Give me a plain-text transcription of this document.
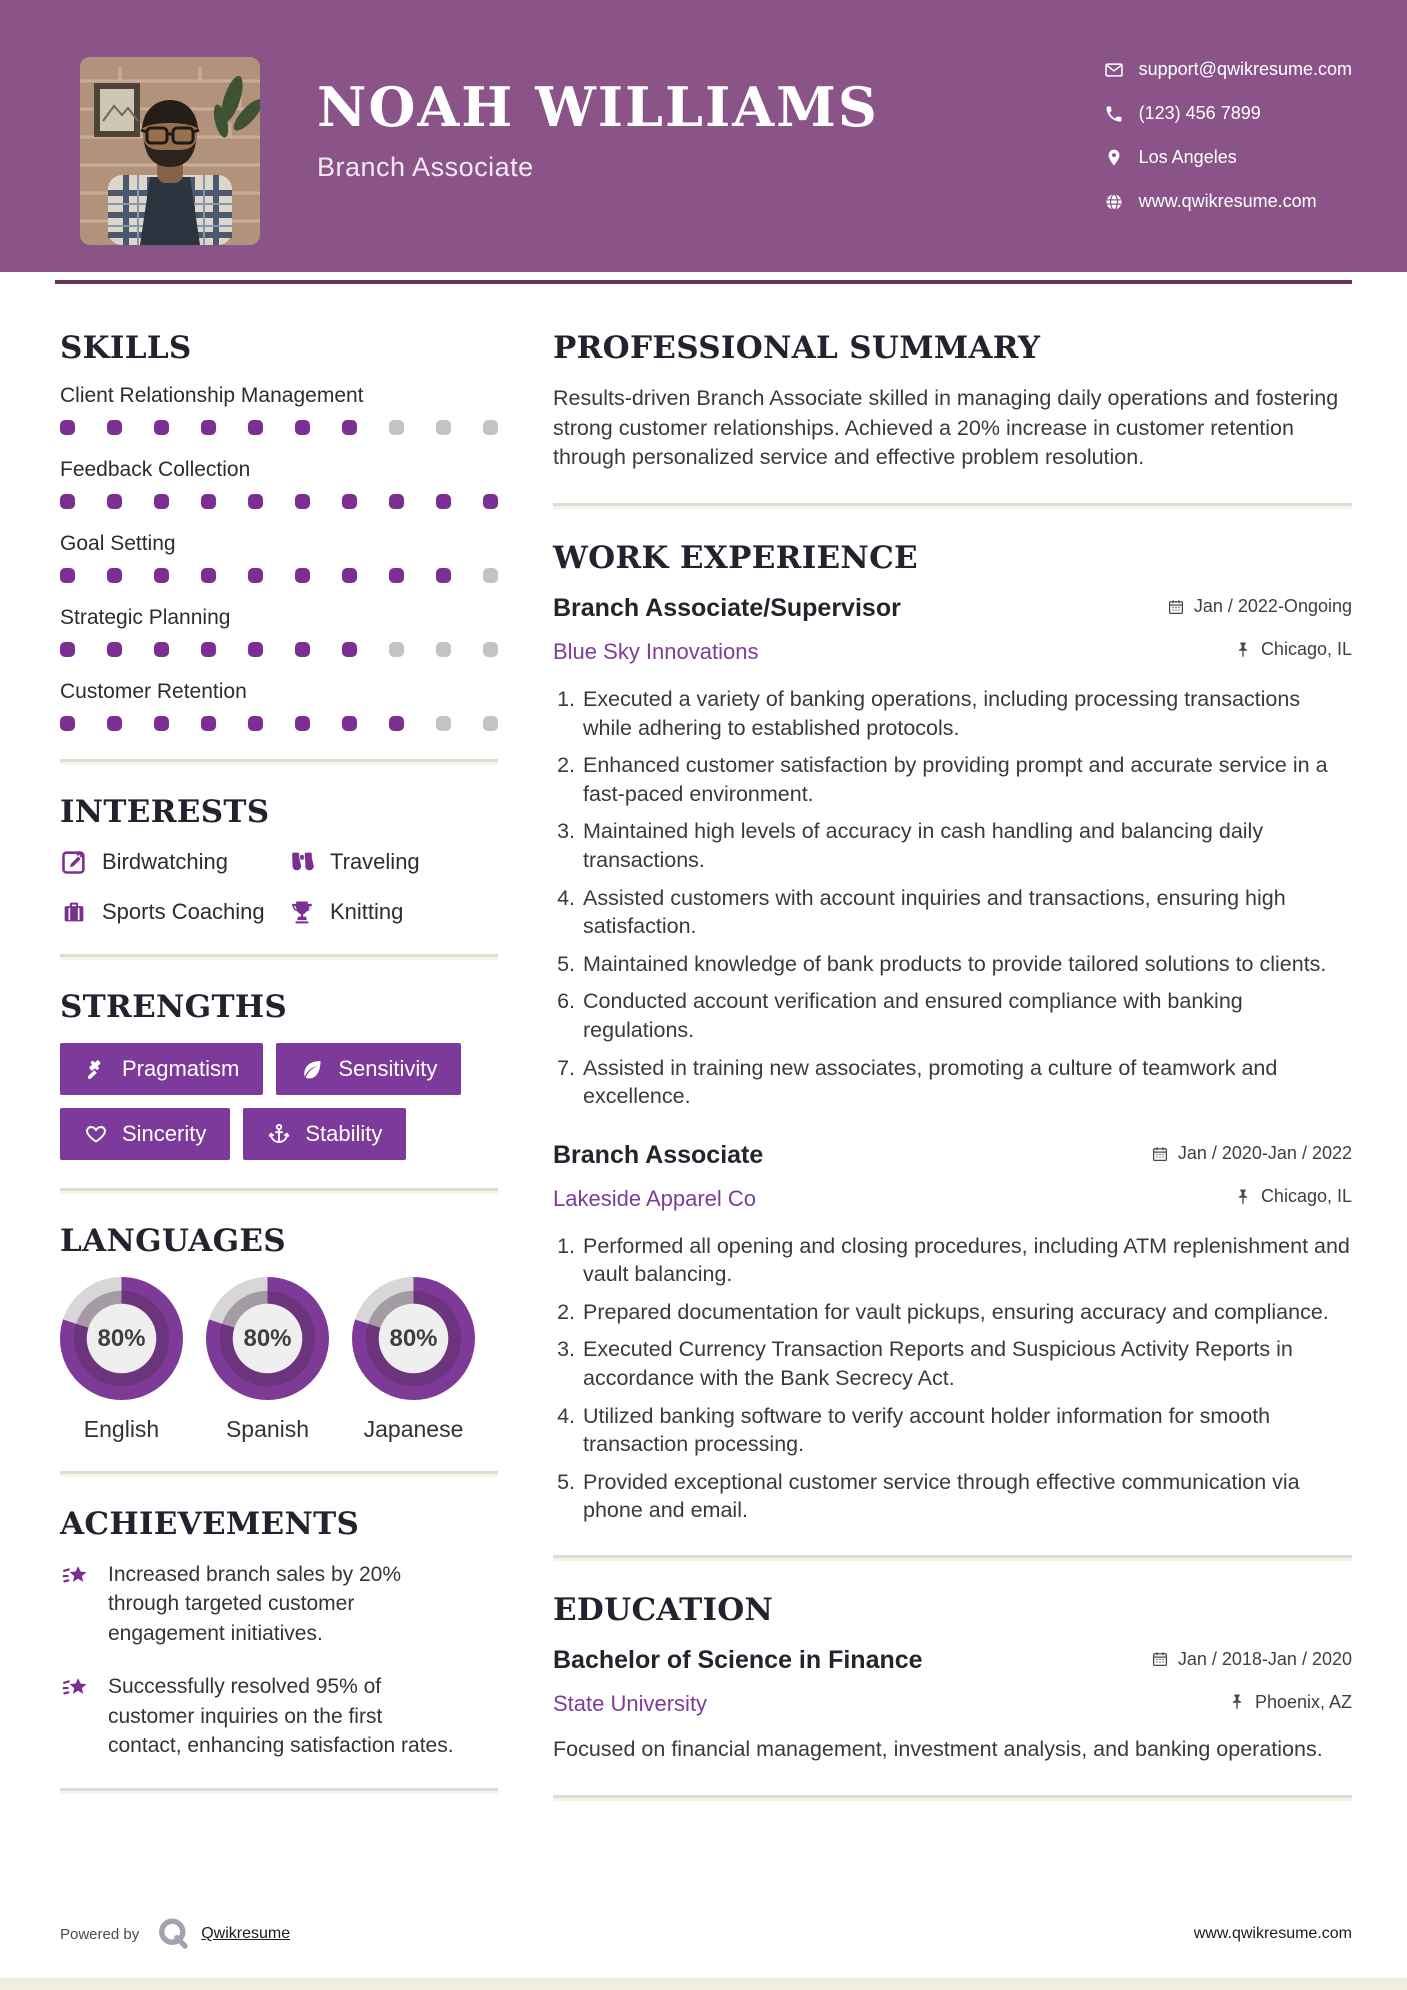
NOAH WILLIAMS
Branch Associate
support@qwikresume.com
(123) 456 7899
Los Angeles
www.qwikresume.com
SKILLS
Client Relationship Management
Feedback Collection
Goal Setting
Strategic Planning
Customer Retention
INTERESTS
Birdwatching	Traveling
Sports Coaching	Knitting
STRENGTHS
Pragmatism	Sensitivity
Sincerity	Stability
LANGUAGES
80%
English
80%
Spanish
80%
Japanese
ACHIEVEMENTS
Increased branch sales by 20% through targeted customer engagement initiatives.
Successfully resolved 95% of customer inquiries on the first contact, enhancing satisfaction rates.
PROFESSIONAL SUMMARY

Results-driven Branch Associate skilled in managing daily operations and fostering strong customer relationships. Achieved a 20% increase in customer retention through personalized service and effective problem resolution.

WORK EXPERIENCE
Branch Associate/Supervisor	Jan / 2022-Ongoing
Blue Sky Innovations	Chicago, IL
1. Executed a variety of banking operations, including processing transactions while adhering to established protocols.
2. Enhanced customer satisfaction by providing prompt and accurate service in a fast-paced environment.
3. Maintained high levels of accuracy in cash handling and balancing daily transactions.
4. Assisted customers with account inquiries and transactions, ensuring high satisfaction.
5. Maintained knowledge of bank products to provide tailored solutions to clients.
6. Conducted account verification and ensured compliance with banking regulations.
7. Assisted in training new associates, promoting a culture of teamwork and excellence.
Branch Associate	Jan / 2020-Jan / 2022
Lakeside Apparel Co	Chicago, IL
1. Performed all opening and closing procedures, including ATM replenishment and vault balancing.
2. Prepared documentation for vault pickups, ensuring accuracy and compliance.
3. Executed Currency Transaction Reports and Suspicious Activity Reports in accordance with the Bank Secrecy Act.
4. Utilized banking software to verify account holder information for smooth transaction processing.
5. Provided exceptional customer service through effective communication via phone and email.
EDUCATION
Bachelor of Science in Finance	Jan / 2018-Jan / 2020
State University	Phoenix, AZ

Focused on financial management, investment analysis, and banking operations.

Powered by	Qwikresume	www.qwikresume.com
